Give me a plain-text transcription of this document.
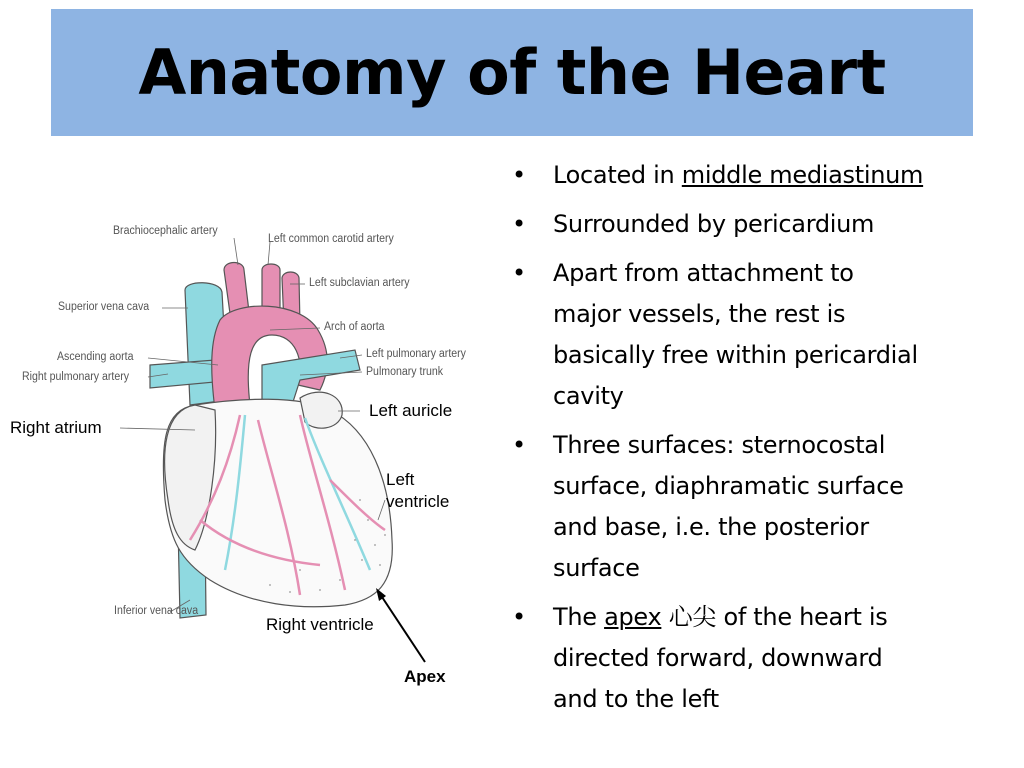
Anatomy of the Heart
Brachiocephalic artery
Left common carotid artery
Left subclavian artery
Superior vena cava
Arch of aorta
Ascending aorta
Right pulmonary artery
Left pulmonary artery
Pulmonary trunk
Inferior vena cava
Left auricle
Right atrium
Left
ventricle
Right ventricle
Apex
• Located in middle mediastinum
• Surrounded by pericardium
• Apart from attachment to
major vessels, the rest is
basically free within pericardial
cavity
• Three surfaces: sternocostal
surface, diaphramatic surface
and base, i.e. the posterior
surface
• The apex 心尖 of the heart is
directed forward, downward
and to the left
